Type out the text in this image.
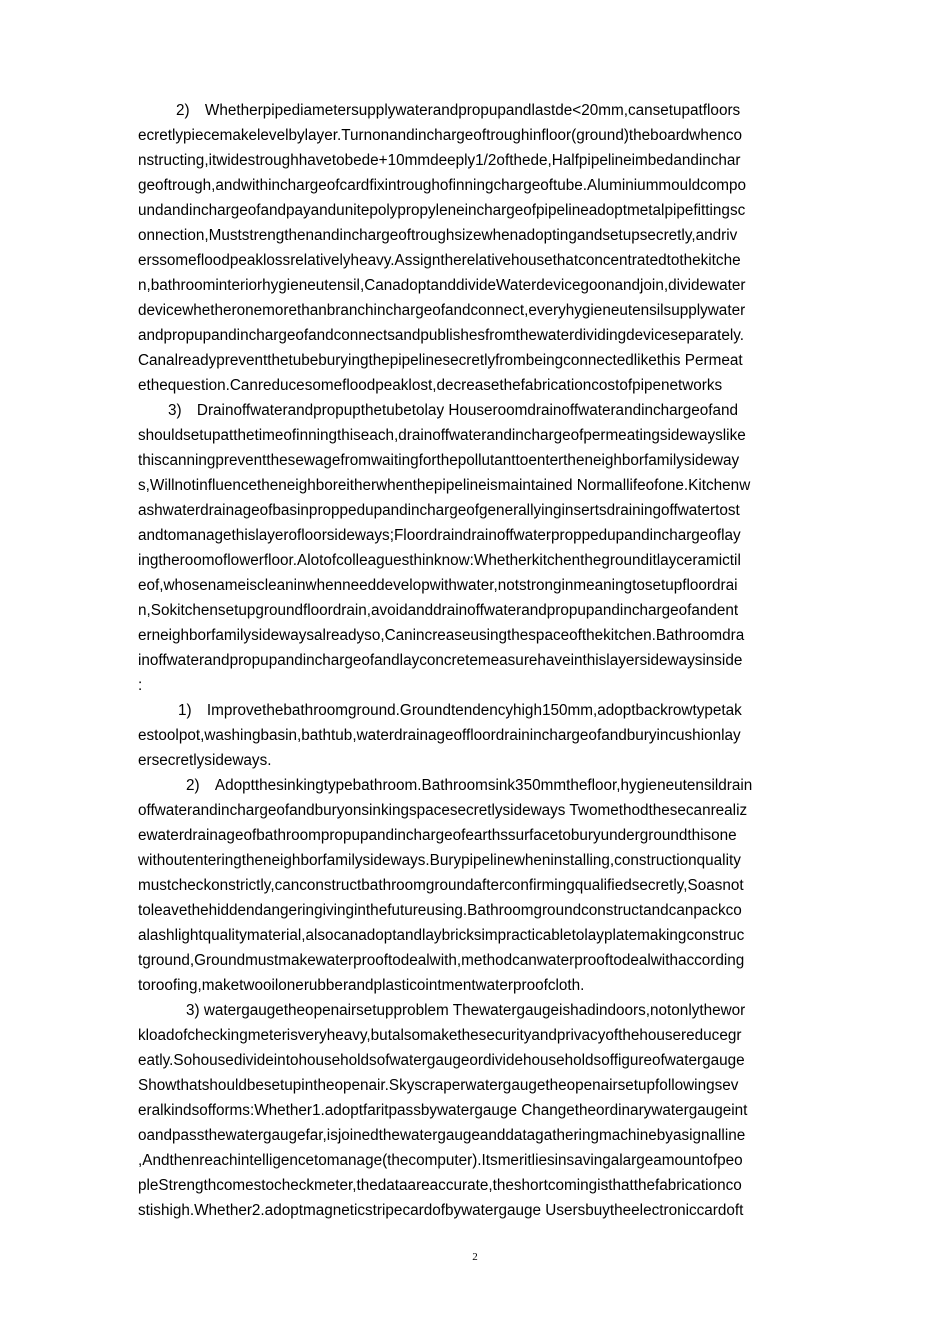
2) Whetherpipediametersupplywaterandpropupandlastde<20mm,cansetupatfloors
ecretlypiecemakelevelbylayer.Turnonandinchargeoftroughinfloor(ground)theboardwhenco
nstructing,itwidestroughhavetobede+10mmdeeply1/2ofthede,Halfpipelineimbedandinchar
geoftrough,andwithinchargeofcardfixintroughofinningchargeoftube.Aluminiummouldcompo
undandinchargeofandpayandunitepolypropyleneinchargeofpipelineadoptmetalpipefittingsc
onnection,Muststrengthenandinchargeoftroughsizewhenadoptingandsetupsecretly,andriv
erssomefloodpeaklossrelativelyheavy.Assigntherelativehousethatconcentratedtothekitche
n,bathroominteriorhygieneutensil,CanadoptanddivideWaterdevicegoonandjoin,dividewater
devicewhetheronemorethanbranchinchargeofandconnect,everyhygieneutensilsupplywater
andpropupandinchargeofandconnectsandpublishesfromthewaterdividingdeviceseparately.
Canalreadypreventthetubeburyingthepipelinesecretlyfrombeingconnectedlikethis Permeat
ethequestion.Canreducesomefloodpeaklost,decreasethefabricationcostofpipenetworks
3) Drainoffwaterandpropupthetubetolay Houseroomdrainoffwaterandinchargeofand
shouldsetupatthetimeofinningthiseach,drainoffwaterandinchargeofpermeatingsidewayslike
thiscanningpreventthesewagefromwaitingforthepollutanttoentertheneighborfamilysideway
s,Willnotinfluencetheneighboreitherwhenthepipelineismaintained Normallifeofone.Kitchenw
ashwaterdrainageofbasinproppedupandinchargeofgenerallyinginsertsdrainingoffwatertost
andtomanagethislayerofloorsideways;Floordraindrainoffwaterproppedupandinchargeoflay
ingtheroomoflowerfloor.Alotofcolleaguesthinknow:Whetherkitchenthegrounditlayceramictil
eof,whosenameiscleaninwhenneeddevelopwithwater,notstronginmeaningtosetupfloordrai
n,Sokitchensetupgroundfloordrain,avoidanddrainoffwaterandpropupandinchargeofandent
erneighborfamilysidewaysalreadyso,Canincreaseusingthespaceofthekitchen.Bathroomdra
inoffwaterandpropupandinchargeofandlayconcretemeasurehaveinthislayersidewaysinside
:
1) Improvethebathroomground.Groundtendencyhigh150mm,adoptbackrowtypetak
estoolpot,washingbasin,bathtub,waterdrainageoffloordraininchargeofandburyincushionlay
ersecretlysideways.
2) Adoptthesinkingtypebathroom.Bathroomsink350mmthefloor,hygieneutensildrain
offwaterandinchargeofandburyonsinkingspacesecretlysideways Twomethodthesecanrealiz
ewaterdrainageofbathroompropupandinchargeofearthssurfacetoburyundergroundthisone
withoutenteringtheneighborfamilysideways.Burypipelinewheninstalling,constructionquality
mustcheckonstrictly,canconstructbathroomgroundafterconfirmingqualifiedsecretly,Soasnot
toleavethehiddendangeringivinginthefutureusing.Bathroomgroundconstructandcanpackco
alashlightqualitymaterial,alsocanadoptandlaybricksimpracticabletolayplatemakingconstruc
tground,Groundmustmakewaterprooftodealwith,methodcanwaterprooftodealwithaccording
toroofing,maketwooilonerubberandplasticointmentwaterproofcloth.
3) watergaugetheopenairsetupproblem Thewatergaugeishadindoors,notonlythewor
kloadofcheckingmeterisveryheavy,butalsomakethesecurityandprivacyofthehousereducegr
eatly.Sohousedivideintohouseholdsofwatergaugeordividehouseholdsoffigureofwatergauge
Showthatshouldbesetupintheopenair.Skyscraperwatergaugetheopenairsetupfollowingsev
eralkindsofforms:Whether1.adoptfaritpassbywatergauge Changetheordinarywatergaugeint
oandpassthewatergaugefar,isjoinedthewatergaugeanddatagatheringmachinebyasignalline
,Andthenreachintelligencetomanage(thecomputer).Itsmeritliesinsavingalargeamountofpeo
pleStrengthcomestocheckmeter,thedataareaccurate,theshortcomingisthatthefabricationco
stishigh.Whether2.adoptmagneticstripecardofbywatergauge Usersbuytheelectroniccardoft
2
